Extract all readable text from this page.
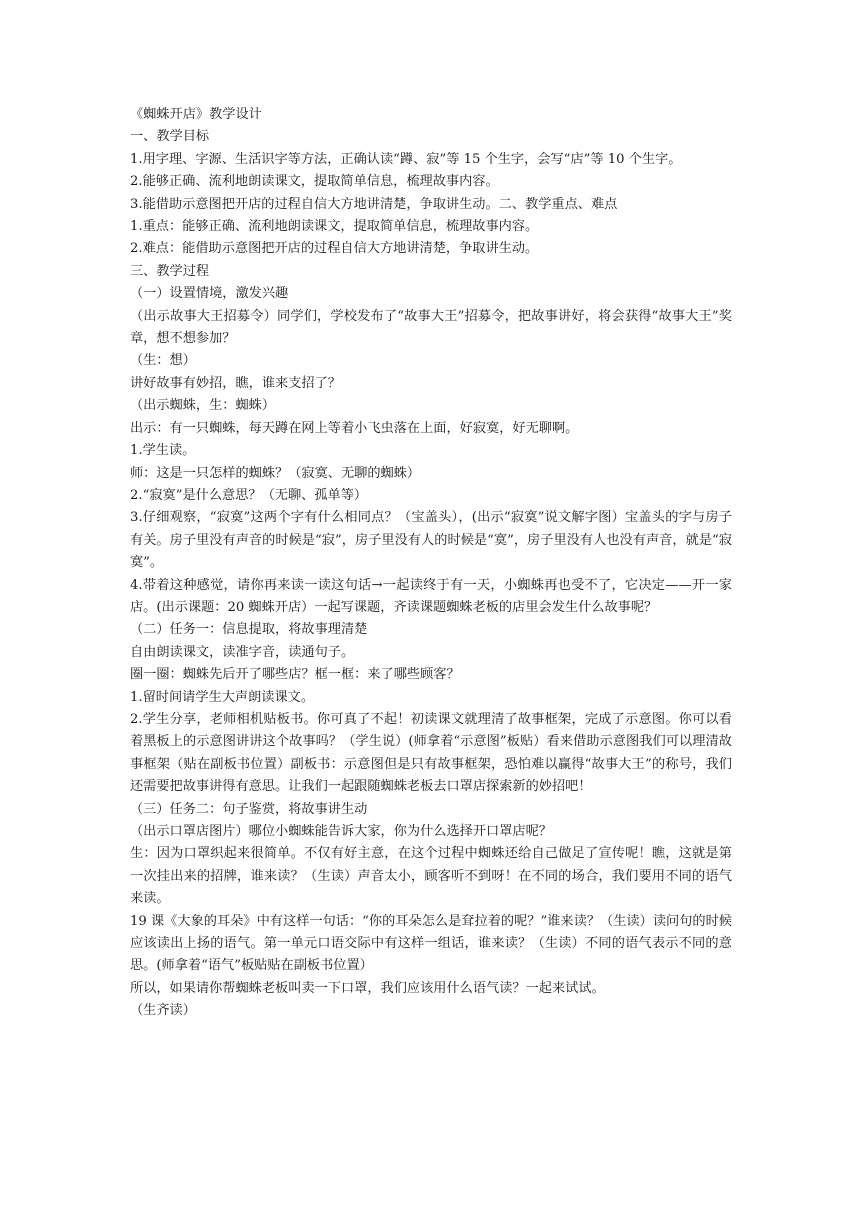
《蜘蛛开店》教学设计

一、教学目标

1.用字理、字源、生活识字等方法，正确认读“蹲、寂”等 15 个生字，会写“店”等 10 个生字。

2.能够正确、流利地朗读课文，提取简单信息，梳理故事内容。

3.能借助示意图把开店的过程自信大方地讲清楚，争取讲生动。二、教学重点、难点

1.重点：能够正确、流利地朗读课文，提取简单信息，梳理故事内容。

2.难点：能借助示意图把开店的过程自信大方地讲清楚，争取讲生动。

三、教学过程

（一）设置情境，激发兴趣

（出示故事大王招募令）同学们，学校发布了“故事大王”招募令，把故事讲好，将会获得“故事大王”奖章，想不想参加？

（生：想）

讲好故事有妙招，瞧，谁来支招了？

（出示蜘蛛，生：蜘蛛）

出示：有一只蜘蛛，每天蹲在网上等着小飞虫落在上面，好寂寞，好无聊啊。

1.学生读。

师：这是一只怎样的蜘蛛？（寂寞、无聊的蜘蛛）

2.“寂寞”是什么意思？（无聊、孤单等）

3.仔细观察，“寂寞”这两个字有什么相同点？（宝盖头），(出示“寂寞”说文解字图）宝盖头的字与房子有关。房子里没有声音的时候是“寂”，房子里没有人的时候是“寞”，房子里没有人也没有声音，就是“寂寞”。

4.带着这种感觉，请你再来读一读这句话→一起读终于有一天，小蜘蛛再也受不了，它决定——开一家店。(出示课题：20 蜘蛛开店）一起写课题，齐读课题蜘蛛老板的店里会发生什么故事呢？

（二）任务一：信息提取，将故事理清楚

自由朗读课文，读准字音，读通句子。

圈一圈：蜘蛛先后开了哪些店？框一框：来了哪些顾客？

1.留时间请学生大声朗读课文。

2.学生分享，老师相机贴板书。你可真了不起！初读课文就理清了故事框架，完成了示意图。你可以看着黑板上的示意图讲讲这个故事吗？（学生说）(师拿着“示意图”板贴）看来借助示意图我们可以理清故事框架（贴在副板书位置）副板书：示意图但是只有故事框架，恐怕难以赢得“故事大王”的称号，我们还需要把故事讲得有意思。让我们一起跟随蜘蛛老板去口罩店探索新的妙招吧！

（三）任务二：句子鉴赏，将故事讲生动

（出示口罩店图片）哪位小蜘蛛能告诉大家，你为什么选择开口罩店呢？

生：因为口罩织起来很简单。不仅有好主意，在这个过程中蜘蛛还给自己做足了宣传呢！瞧，这就是第一次挂出来的招牌，谁来读？（生读）声音太小，顾客听不到呀！在不同的场合，我们要用不同的语气来读。

19 课《大象的耳朵》中有这样一句话：“你的耳朵怎么是耷拉着的呢？”谁来读？（生读）读问句的时候应该读出上扬的语气。第一单元口语交际中有这样一组话，谁来读？（生读）不同的语气表示不同的意思。(师拿着“语气”板贴贴在副板书位置）

所以，如果请你帮蜘蛛老板叫卖一下口罩，我们应该用什么语气读？一起来试试。

（生齐读）
